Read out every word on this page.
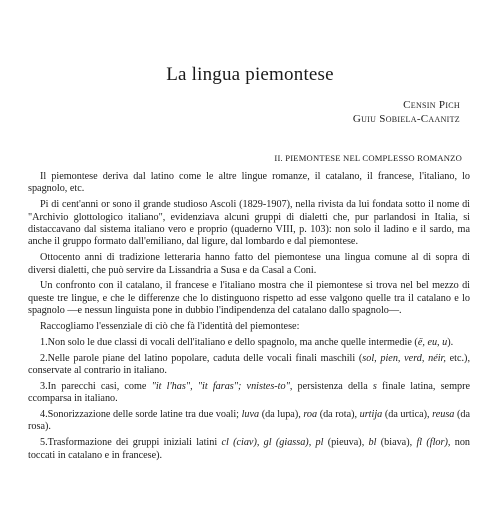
La lingua piemontese
Censin Pich
Guiu Sobiela-Caanitz
II. PIEMONTESE NEL COMPLESSO ROMANZO

Il piemontese deriva dal latino come le altre lingue romanze, il catalano, il francese, l'italiano, lo spagnolo, etc.

Pi di cent'anni or sono il grande studioso Ascoli (1829-1907), nella rivista da lui fondata sotto il nome di "Archivio glottologico italiano", evidenziava alcuni gruppi di dialetti che, pur parlandosi in Italia, si distaccavano dal sistema italiano vero e proprio (quaderno VIII, p. 103): non solo il ladino e il sardo, ma anche il gruppo formato dall'emiliano, dal ligure, dal lombardo e dal piemontese.

Ottocento anni di tradizione letteraria hanno fatto del piemontese una lingua comune al di sopra di diversi dialetti, che può servire da Lissandria a Susa e da Casal a Coni.

Un confronto con il catalano, il francese e l'italiano mostra che il piemontese si trova nel bel mezzo di queste tre lingue, e che le differenze che lo distinguono rispetto ad esse valgono quelle tra il catalano e lo spagnolo —e nessun linguista pone in dubbio l'indipendenza del catalano dallo spagnolo—.

Raccogliamo l'essenziale di ciò che fà l'identità del piemontese:

1.Non solo le due classi di vocali dell'italiano e dello spagnolo, ma anche quelle intermedie (ë, eu, u).

2.Nelle parole piane del latino popolare, caduta delle vocali finali maschili (sol, pien, verd, néir, etc.), conservate al contrario in italiano.

3.In parecchi casi, come "it l'has", "it faras"; vnistes-to", persistenza della s finale latina, sempre ccomparsa in italiano.

4.Sonorizzazione delle sorde latine tra due voali; luva (da lupa), roa (da rota), urtija (da urtica), reusa (da rosa).

5.Trasformazione dei gruppi iniziali latini cl (ciav), gl (giassa), pl (pieuva), bl (biava), fl (flor), non toccati in catalano e in francese).
